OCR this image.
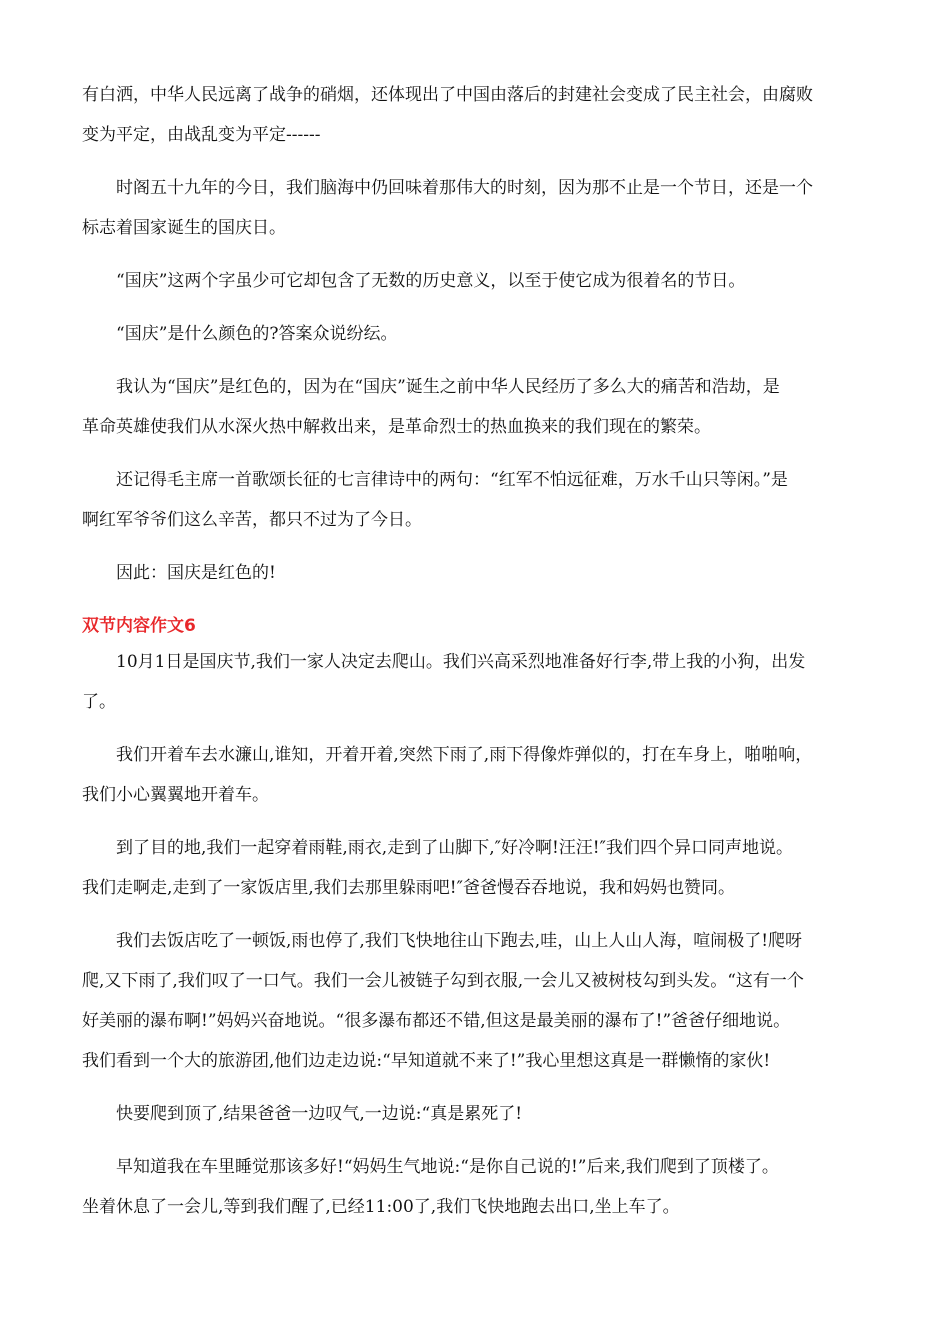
有白洒，中华人民远离了战争的硝烟，还体现出了中国由落后的封建社会变成了民主社会，由腐败
变为平定，由战乱变为平定------
时阁五十九年的今日，我们脑海中仍回味着那伟大的时刻，因为那不止是一个节日，还是一个
标志着国家诞生的国庆日。
“国庆”这两个字虽少可它却包含了无数的历史意义，以至于使它成为很着名的节日。
“国庆”是什么颜色的?答案众说纷纭。
我认为“国庆”是红色的，因为在“国庆”诞生之前中华人民经历了多么大的痛苦和浩劫，是
革命英雄使我们从水深火热中解救出来，是革命烈士的热血换来的我们现在的繁荣。
还记得毛主席一首歌颂长征的七言律诗中的两句：“红军不怕远征难，万水千山只等闲。”是
啊红军爷爷们这么辛苦，都只不过为了今日。
因此：国庆是红色的!
双节内容作文6
10月1日是国庆节,我们一家人决定去爬山。我们兴高采烈地准备好行李,带上我的小狗，出发
了。
我们开着车去水濂山,谁知，开着开着,突然下雨了,雨下得像炸弹似的，打在车身上，啪啪响，
我们小心翼翼地开着车。
到了目的地,我们一起穿着雨鞋,雨衣,走到了山脚下,″好冷啊!汪汪!″我们四个异口同声地说。
我们走啊走,走到了一家饭店里,我们去那里躲雨吧!″爸爸慢吞吞地说，我和妈妈也赞同。
我们去饭店吃了一顿饭,雨也停了,我们飞快地往山下跑去,哇，山上人山人海，喧闹极了!爬呀
爬,又下雨了,我们叹了一口气。我们一会儿被链子勾到衣服,一会儿又被树枝勾到头发。“这有一个
好美丽的瀑布啊!”妈妈兴奋地说。“很多瀑布都还不错,但这是最美丽的瀑布了!”爸爸仔细地说。
我们看到一个大的旅游团,他们边走边说:“早知道就不来了!”我心里想这真是一群懒惰的家伙!
快要爬到顶了,结果爸爸一边叹气,一边说:“真是累死了!
早知道我在车里睡觉那该多好!“妈妈生气地说:“是你自己说的!”后来,我们爬到了顶楼了。
坐着休息了一会儿,等到我们醒了,已经11:00了,我们飞快地跑去出口,坐上车了。
